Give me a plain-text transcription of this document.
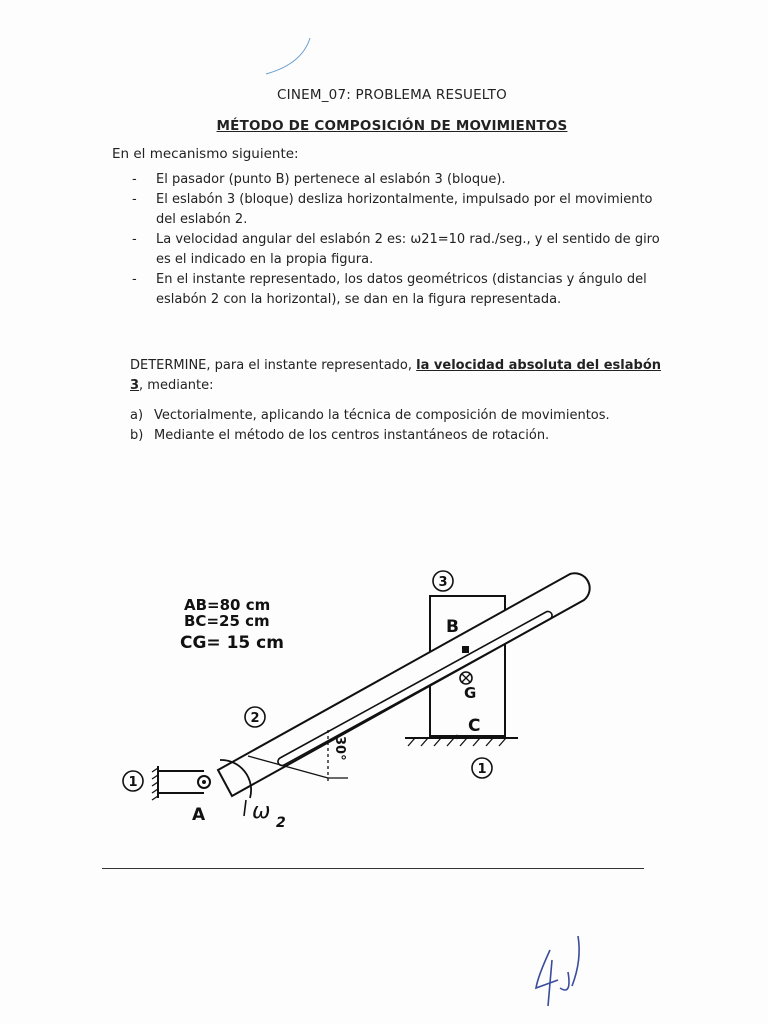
CINEM_07: PROBLEMA RESUELTO
MÉTODO DE COMPOSICIÓN DE MOVIMIENTOS
En el mecanismo siguiente:
- El pasador (punto B) pertenece al eslabón 3 (bloque).
- El eslabón 3 (bloque) desliza horizontalmente, impulsado por el movimiento del eslabón 2.
- La velocidad angular del eslabón 2 es: ω21=10 rad./seg., y el sentido de giro es el indicado en la propia figura.
- En el instante representado, los datos geométricos (distancias y ángulo del eslabón 2 con la horizontal), se dan en la figura representada.
DETERMINE, para el instante representado, la velocidad absoluta del eslabón 3, mediante:
a) Vectorialmente, aplicando la técnica de composición de movimientos.
b) Mediante el método de los centros instantáneos de rotación.
3
2
1
1
AB=80 cm
BC=25 cm
CG= 15 cm
B
G
C
A
30°
ω 2
